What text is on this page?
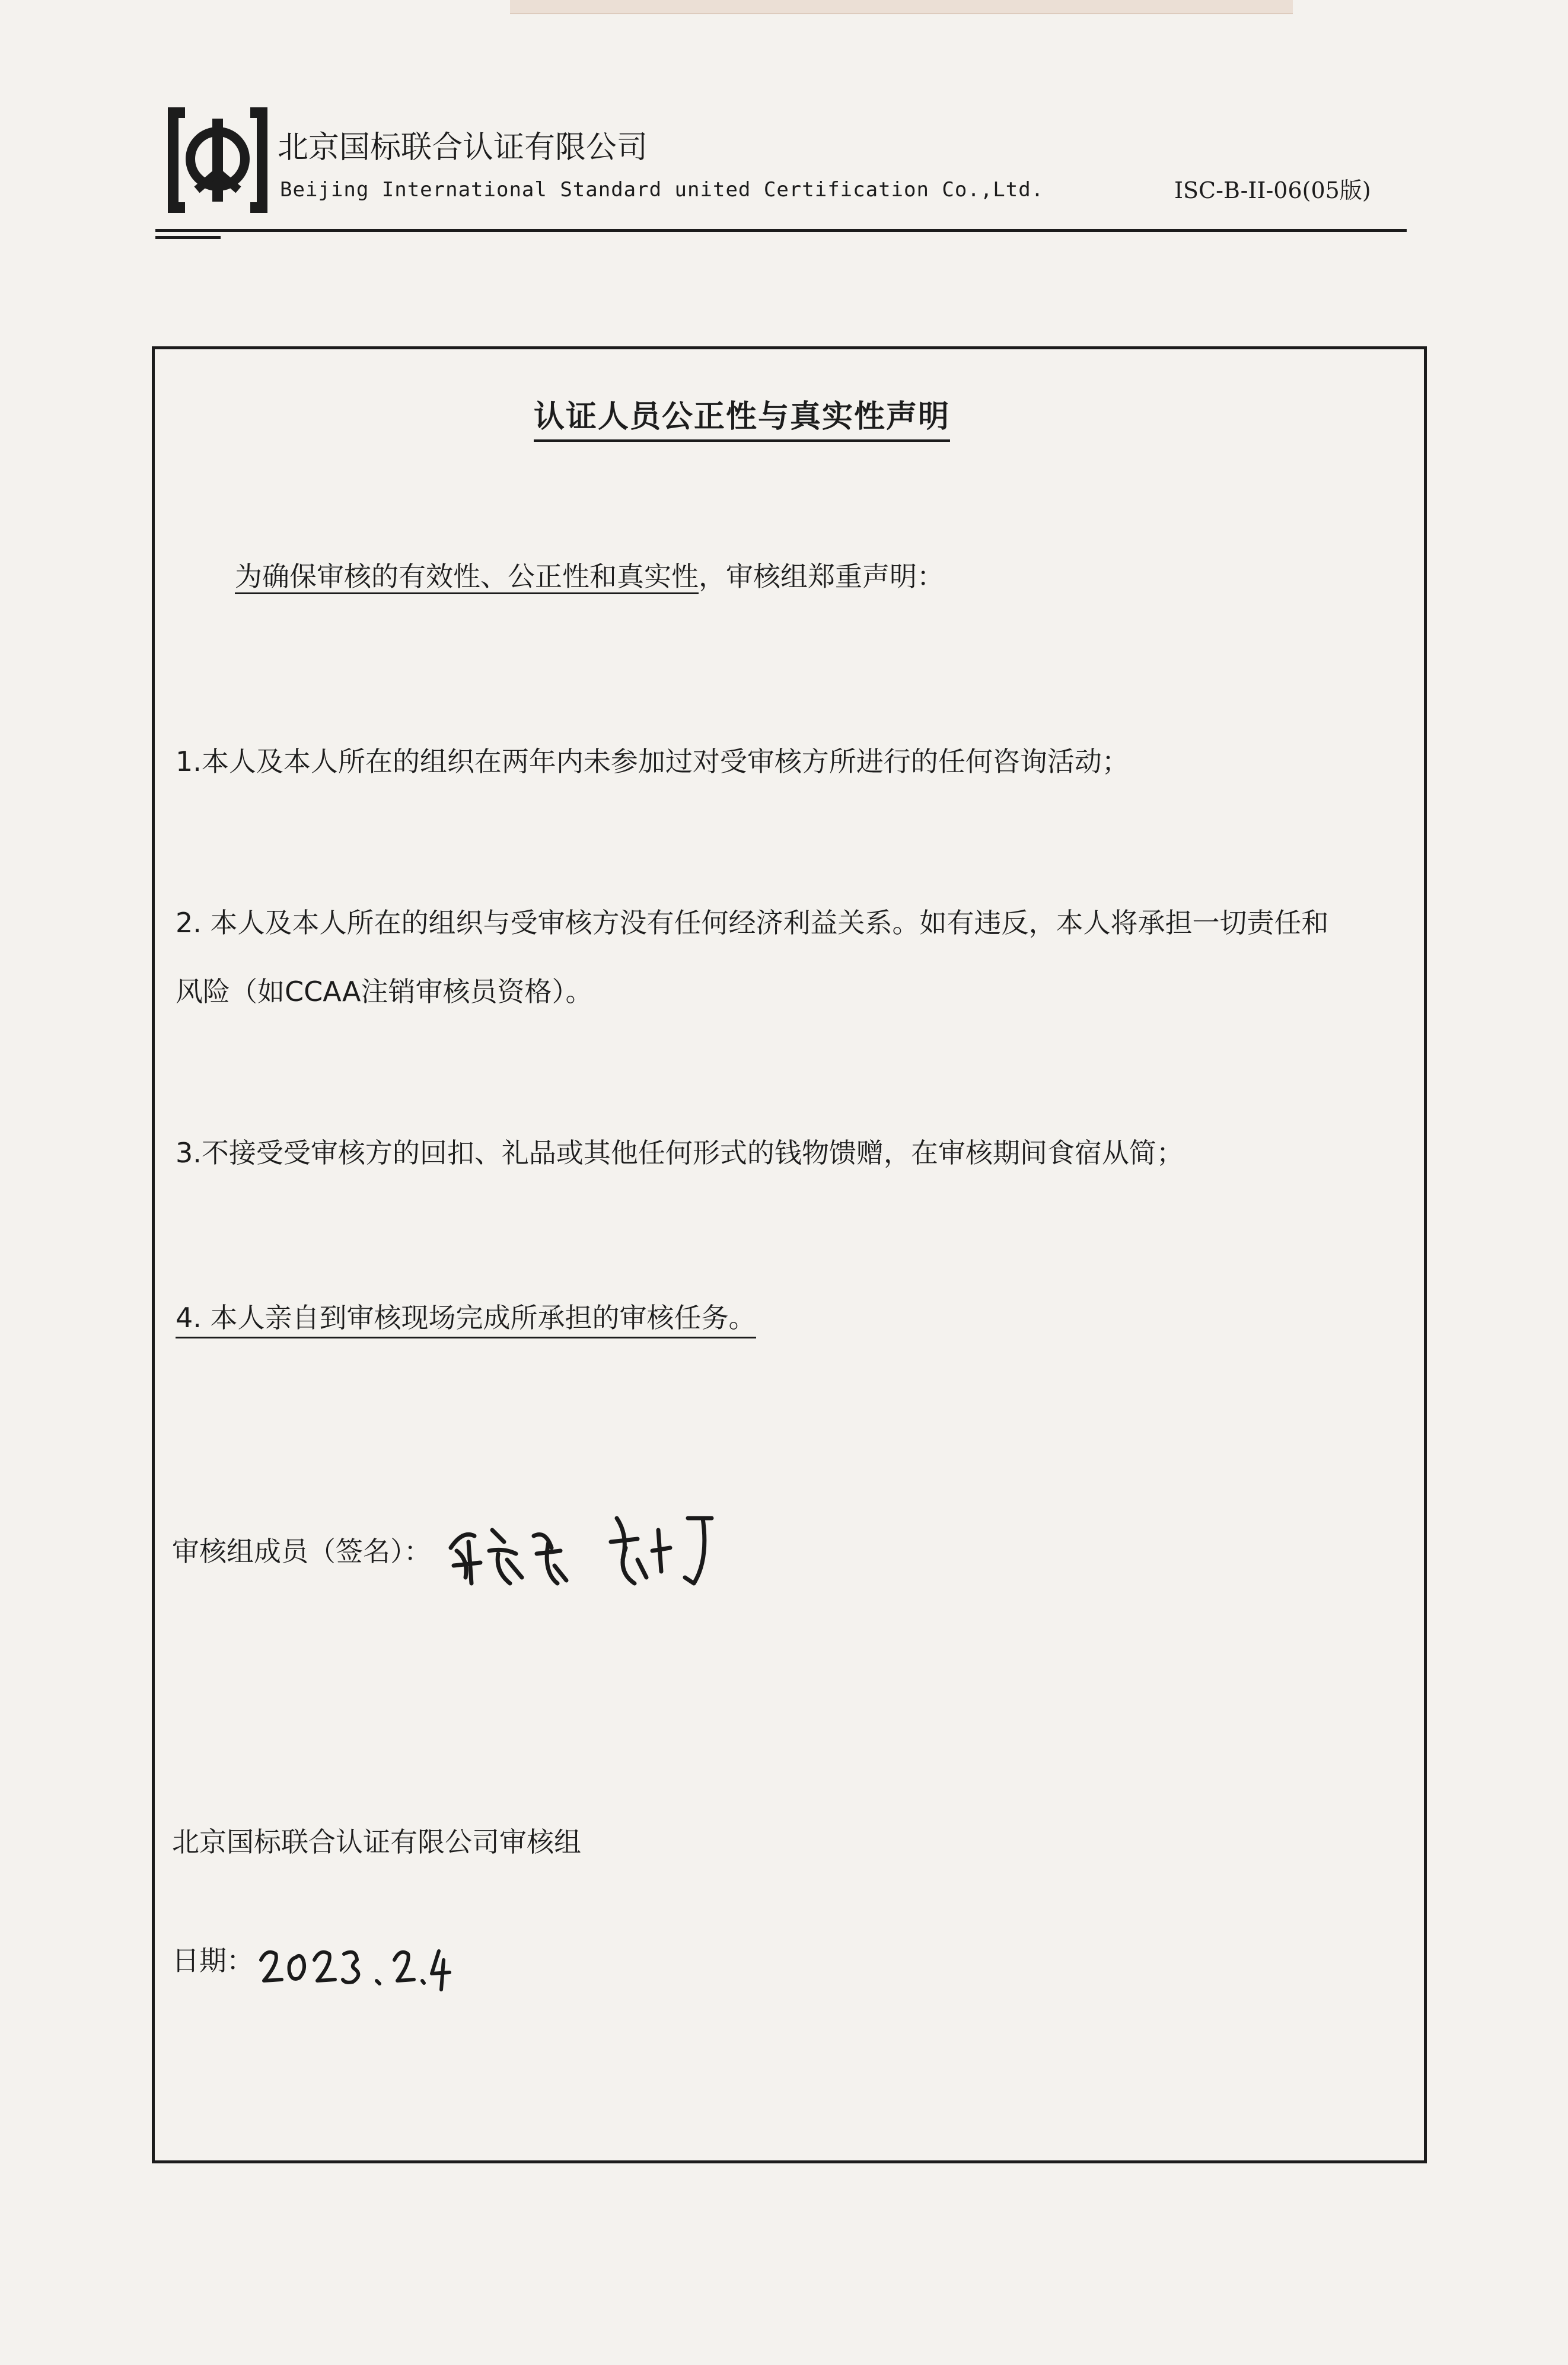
北京国标联合认证有限公司
Beijing International Standard united Certification Co.,Ltd.	ISC-B-II-06(05版)
认证人员公正性与真实性声明
为确保审核的有效性、公正性和真实性，审核组郑重声明：
1.本人及本人所在的组织在两年内未参加过对受审核方所进行的任何咨询活动；
2. 本人及本人所在的组织与受审核方没有任何经济利益关系。如有违反，本人将承担一切责任和
风险（如CCAA注销审核员资格）。
3.不接受受审核方的回扣、礼品或其他任何形式的钱物馈赠，在审核期间食宿从简；
4. 本人亲自到审核现场完成所承担的审核任务。
审核组成员（签名）：
北京国标联合认证有限公司审核组
日期：
